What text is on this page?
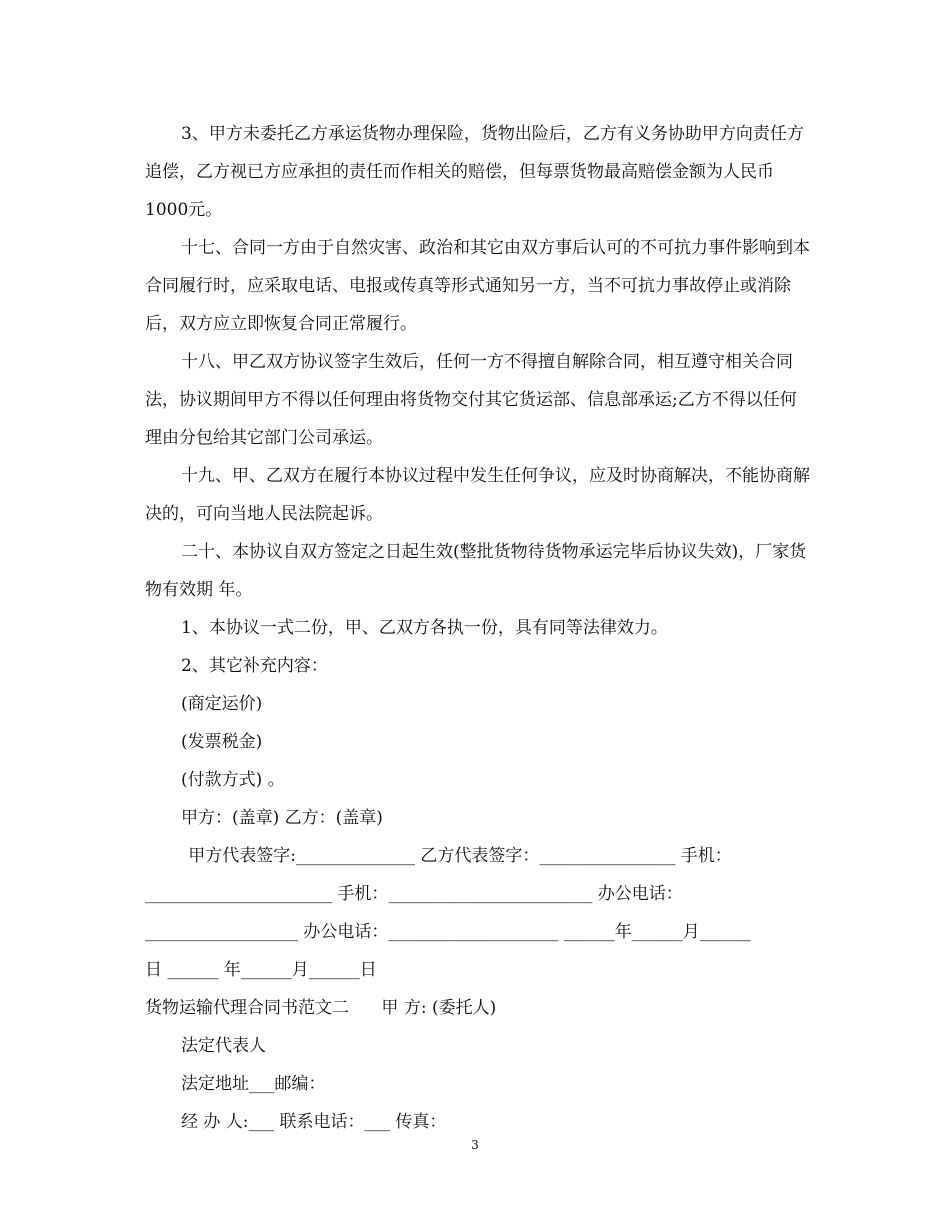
3、甲方未委托乙方承运货物办理保险，货物出险后，乙方有义务协助甲方向责任方追偿，乙方视已方应承担的责任而作相关的赔偿，但每票货物最高赔偿金额为人民币1000元。

十七、合同一方由于自然灾害、政治和其它由双方事后认可的不可抗力事件影响到本合同履行时，应采取电话、电报或传真等形式通知另一方，当不可抗力事故停止或消除后，双方应立即恢复合同正常履行。

十八、甲乙双方协议签字生效后，任何一方不得擅自解除合同，相互遵守相关合同法，协议期间甲方不得以任何理由将货物交付其它货运部、信息部承运;乙方不得以任何理由分包给其它部门公司承运。

十九、甲、乙双方在履行本协议过程中发生任何争议，应及时协商解决，不能协商解决的，可向当地人民法院起诉。

二十、本协议自双方签定之日起生效(整批货物待货物承运完毕后协议失效)，厂家货物有效期 年。

1、本协议一式二份，甲、乙双方各执一份，具有同等法律效力。

2、其它补充内容：

(商定运价)

(发票税金)

(付款方式) 。

甲方：(盖章) 乙方：(盖章)

甲方代表签字:______________ 乙方代表签字：________________ 手机：
______________________ 手机：________________________ 办公电话：
__________________ 办公电话：____________________ ______年______月______
日 ______ 年______月______日
货物运输代理合同书范文二      甲 方: (委托人)

法定代表人

法定地址___邮编：

经 办 人:___ 联系电话：___ 传真：

3
